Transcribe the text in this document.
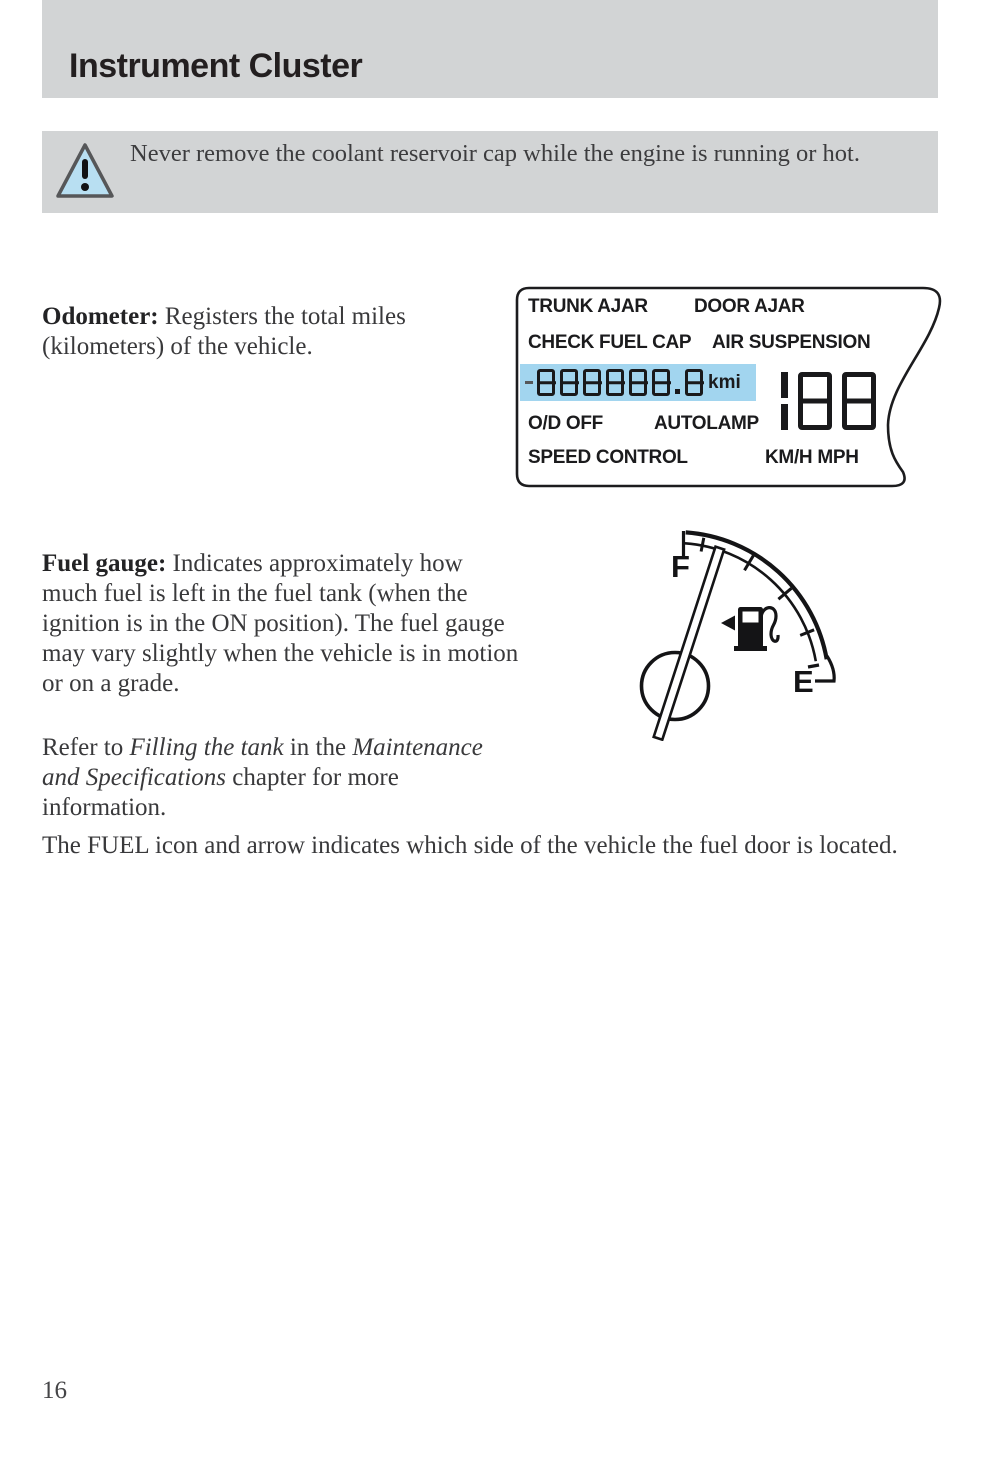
Instrument Cluster
Never remove the coolant reservoir cap while the engine is running or hot.

Odometer: Registers the total miles (kilometers) of the vehicle.

TRUNK AJAR DOOR AJAR
CHECK FUEL CAP AIR SUSPENSION
kmi
O/D OFF	AUTOLAMP
SPEED CONTROL	KM/H MPH

Fuel gauge: Indicates approximately how much fuel is left in the fuel tank (when the ignition is in the ON position). The fuel gauge may vary slightly when the vehicle is in motion or on a grade.

F
E

Refer to Filling the tank in the Maintenance and Specifications chapter for more information.

The FUEL icon and arrow indicates which side of the vehicle the fuel door is located.

16
